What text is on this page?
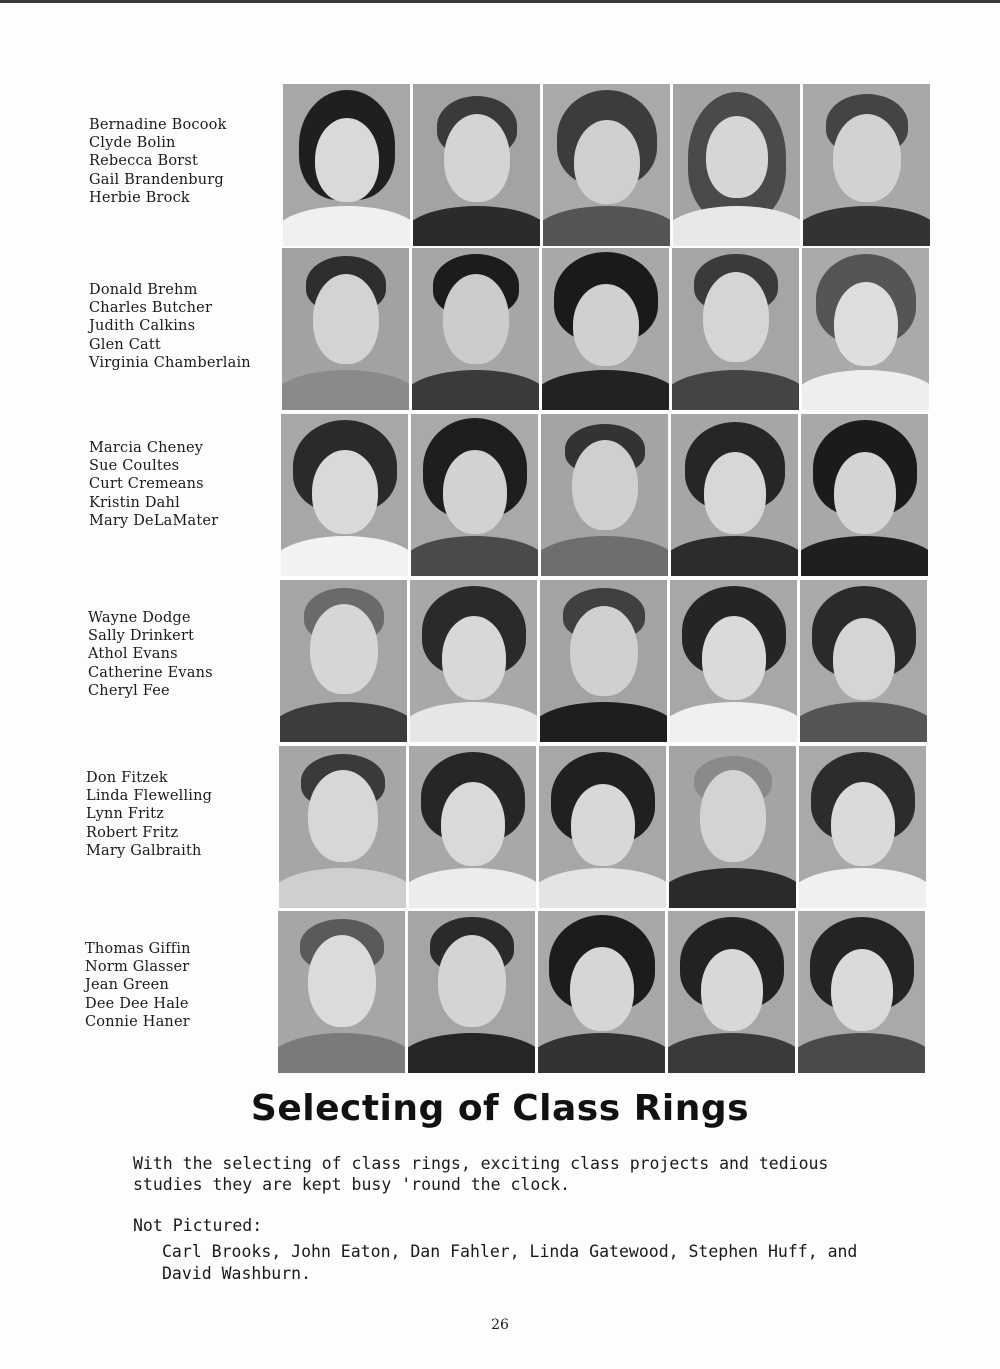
Bernadine Bocook
Clyde Bolin
Rebecca Borst
Gail Brandenburg
Herbie Brock
Donald Brehm
Charles Butcher
Judith Calkins
Glen Catt
Virginia Chamberlain
Marcia Cheney
Sue Coultes
Curt Cremeans
Kristin Dahl
Mary DeLaMater
Wayne Dodge
Sally Drinkert
Athol Evans
Catherine Evans
Cheryl Fee
Don Fitzek
Linda Flewelling
Lynn Fritz
Robert Fritz
Mary Galbraith
Thomas Giffin
Norm Glasser
Jean Green
Dee Dee Hale
Connie Haner
Selecting of Class Rings
With the selecting of class rings, exciting class projects and tedious
studies they are kept busy 'round the clock.
Not Pictured:
Carl Brooks, John Eaton, Dan Fahler, Linda Gatewood, Stephen Huff, and
David Washburn.
26
